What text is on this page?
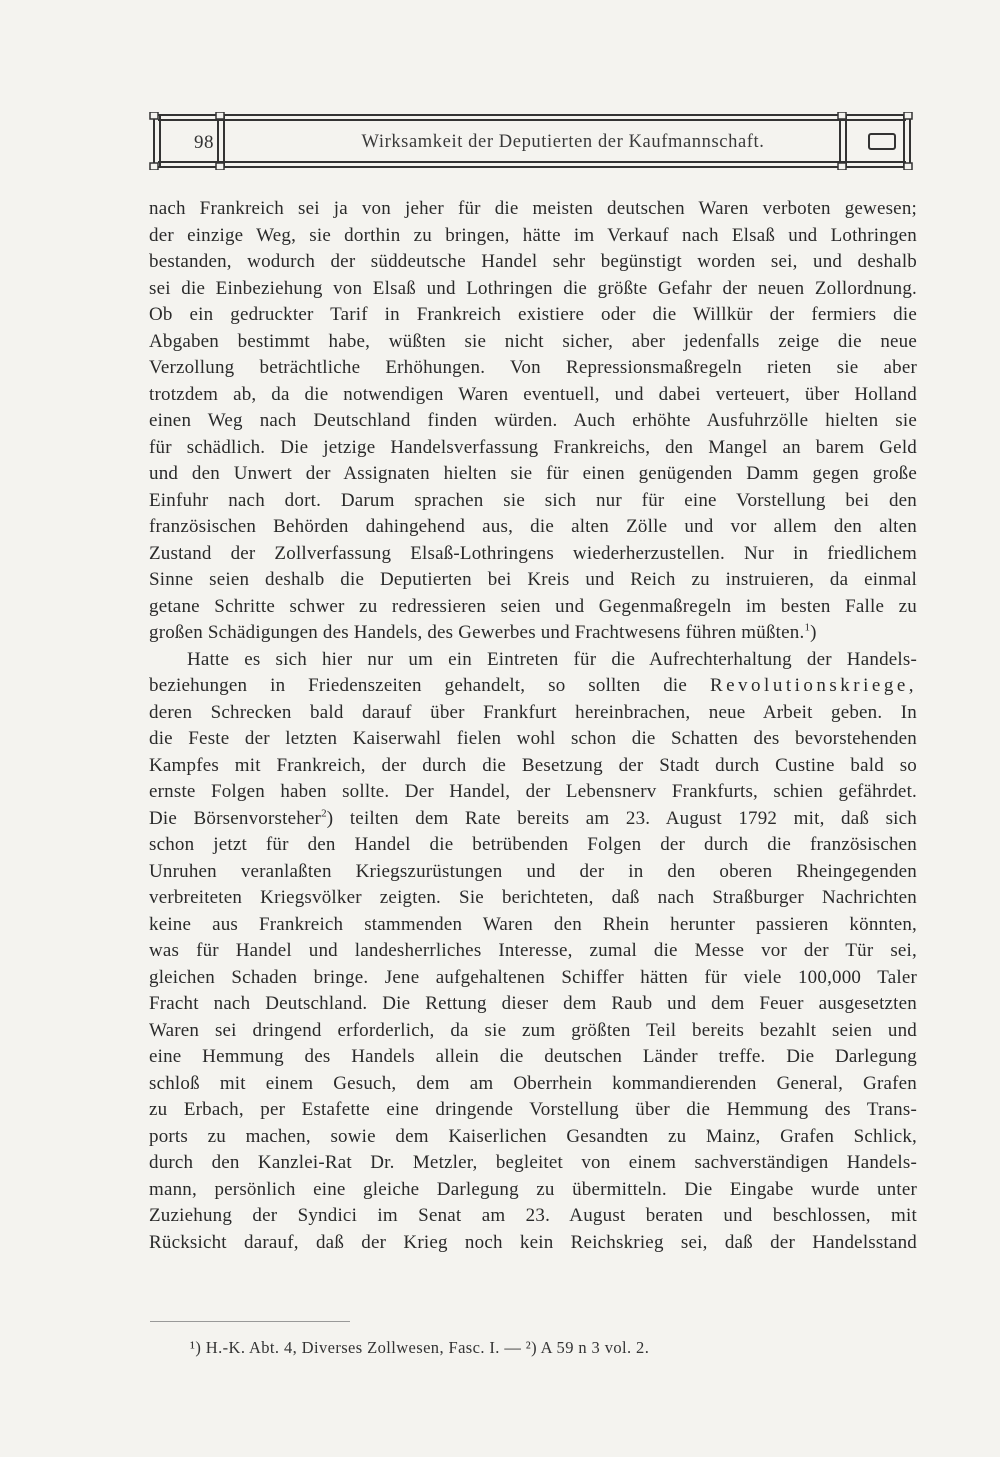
98	Wirksamkeit der Deputierten der Kaufmannschaft.
nach Frankreich sei ja von jeher für die meisten deutschen Waren verboten gewesen;
der einzige Weg, sie dorthin zu bringen, hätte im Verkauf nach Elsaß und Lothringen
bestanden, wodurch der süddeutsche Handel sehr begünstigt worden sei, und deshalb
sei die Einbeziehung von Elsaß und Lothringen die größte Gefahr der neuen Zollordnung.
Ob ein gedruckter Tarif in Frankreich existiere oder die Willkür der fermiers die
Abgaben bestimmt habe, wüßten sie nicht sicher, aber jedenfalls zeige die neue
Verzollung beträchtliche Erhöhungen. Von Repressionsmaßregeln rieten sie aber
trotzdem ab, da die notwendigen Waren eventuell, und dabei verteuert, über Holland
einen Weg nach Deutschland finden würden. Auch erhöhte Ausfuhrzölle hielten sie
für schädlich. Die jetzige Handelsverfassung Frankreichs, den Mangel an barem Geld
und den Unwert der Assignaten hielten sie für einen genügenden Damm gegen große
Einfuhr nach dort. Darum sprachen sie sich nur für eine Vorstellung bei den
französischen Behörden dahingehend aus, die alten Zölle und vor allem den alten
Zustand der Zollverfassung Elsaß-Lothringens wiederherzustellen. Nur in friedlichem
Sinne seien deshalb die Deputierten bei Kreis und Reich zu instruieren, da einmal
getane Schritte schwer zu redressieren seien und Gegenmaßregeln im besten Falle zu
großen Schädigungen des Handels, des Gewerbes und Frachtwesens führen müßten.$^1$)
Hatte es sich hier nur um ein Eintreten für die Aufrechterhaltung der Handels-
beziehungen in Friedenszeiten gehandelt, so sollten die Revolutionskriege,
deren Schrecken bald darauf über Frankfurt hereinbrachen, neue Arbeit geben. In
die Feste der letzten Kaiserwahl fielen wohl schon die Schatten des bevorstehenden
Kampfes mit Frankreich, der durch die Besetzung der Stadt durch Custine bald so
ernste Folgen haben sollte. Der Handel, der Lebensnerv Frankfurts, schien gefährdet.
Die Börsenvorsteher$^2$) teilten dem Rate bereits am 23. August 1792 mit, daß sich
schon jetzt für den Handel die betrübenden Folgen der durch die französischen
Unruhen veranlaßten Kriegszurüstungen und der in den oberen Rheingegenden
verbreiteten Kriegsvölker zeigten. Sie berichteten, daß nach Straßburger Nachrichten
keine aus Frankreich stammenden Waren den Rhein herunter passieren könnten,
was für Handel und landesherrliches Interesse, zumal die Messe vor der Tür sei,
gleichen Schaden bringe. Jene aufgehaltenen Schiffer hätten für viele 100,000 Taler
Fracht nach Deutschland. Die Rettung dieser dem Raub und dem Feuer ausgesetzten
Waren sei dringend erforderlich, da sie zum größten Teil bereits bezahlt seien und
eine Hemmung des Handels allein die deutschen Länder treffe. Die Darlegung
schloß mit einem Gesuch, dem am Oberrhein kommandierenden General, Grafen
zu Erbach, per Estafette eine dringende Vorstellung über die Hemmung des Trans-
ports zu machen, sowie dem Kaiserlichen Gesandten zu Mainz, Grafen Schlick,
durch den Kanzlei-Rat Dr. Metzler, begleitet von einem sachverständigen Handels-
mann, persönlich eine gleiche Darlegung zu übermitteln. Die Eingabe wurde unter
Zuziehung der Syndici im Senat am 23. August beraten und beschlossen, mit
Rücksicht darauf, daß der Krieg noch kein Reichskrieg sei, daß der Handelsstand
¹) H.-K. Abt. 4, Diverses Zollwesen, Fasc. I. — ²) A 59 n 3 vol. 2.
